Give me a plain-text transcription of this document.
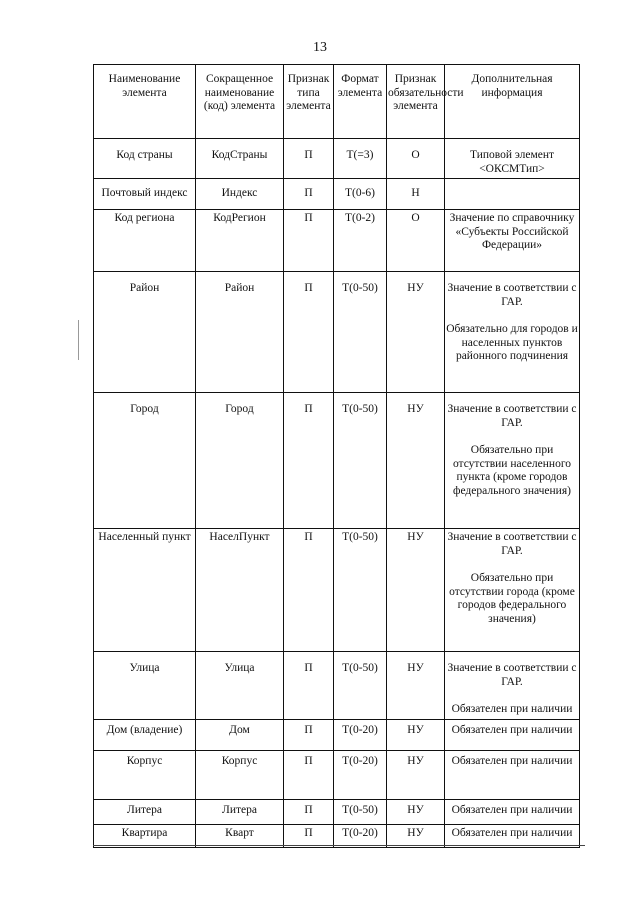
13
Наименование элемента	Сокращенное наименование (код) элемента	Признак типа элемента	Формат элемента	Признак обязательности элемента	Дополнительная информация
Код страны	КодСтраны	П	T(=3)	О	Типовой элемент <ОКСМТип>

Почтовый индекс	Индекс	П	T(0-6)	Н	
Код региона	КодРегион	П	T(0-2)	О	Значение по справочнику «Субъекты Российской Федерации»

Район	Район	П	T(0-50)	НУ	Значение в соответствии с ГАР.
Обязательно для городов и населенных пунктов районного подчинения

Город	Город	П	T(0-50)	НУ	Значение в соответствии с ГАР.
Обязательно при отсутствии населенного пункта (кроме городов федерального значения)

Населенный пункт	НаселПункт	П	T(0-50)	НУ	Значение в соответствии с ГАР.
Обязательно при отсутствии города (кроме городов федерального значения)

Улица	Улица	П	T(0-50)	НУ	Значение в соответствии с ГАР.
Обязателен при наличии

Дом (владение)	Дом	П	T(0-20)	НУ	Обязателен при наличии

Корпус	Корпус	П	T(0-20)	НУ	Обязателен при наличии

Литера	Литера	П	T(0-50)	НУ	Обязателен при наличии

Квартира	Кварт	П	T(0-20)	НУ	Обязателен при наличии
